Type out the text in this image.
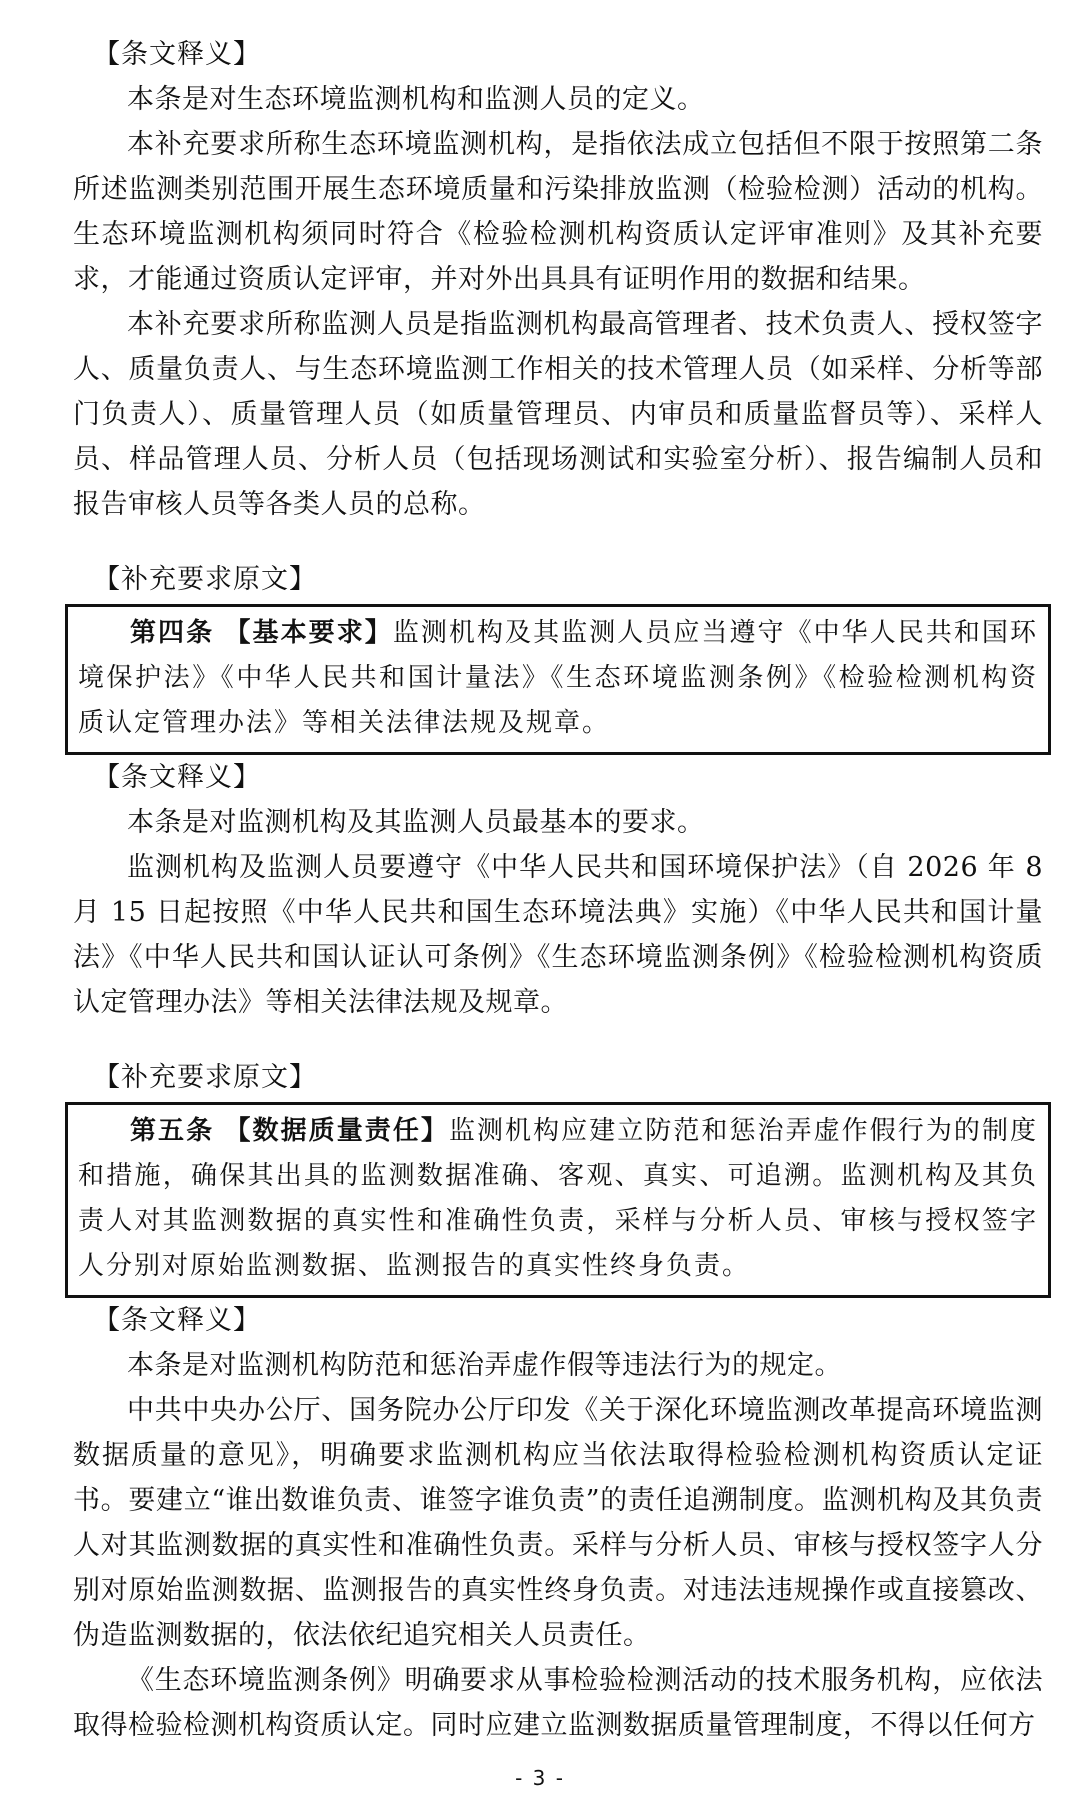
【条文释义】

本条是对生态环境监测机构和监测人员的定义。

本补充要求所称生态环境监测机构，是指依法成立包括但不限于按照第二条所述监测类别范围开展生态环境质量和污染排放监测（检验检测）活动的机构。生态环境监测机构须同时符合《检验检测机构资质认定评审准则》及其补充要求，才能通过资质认定评审，并对外出具具有证明作用的数据和结果。

本补充要求所称监测人员是指监测机构最高管理者、技术负责人、授权签字人、质量负责人、与生态环境监测工作相关的技术管理人员（如采样、分析等部门负责人）、质量管理人员（如质量管理员、内审员和质量监督员等）、采样人员、样品管理人员、分析人员（包括现场测试和实验室分析）、报告编制人员和报告审核人员等各类人员的总称。

【补充要求原文】

第四条 【基本要求】监测机构及其监测人员应当遵守《中华人民共和国环境保护法》《中华人民共和国计量法》《生态环境监测条例》《检验检测机构资质认定管理办法》等相关法律法规及规章。

【条文释义】

本条是对监测机构及其监测人员最基本的要求。

监测机构及监测人员要遵守《中华人民共和国环境保护法》（自 2026 年 8 月 15 日起按照《中华人民共和国生态环境法典》实施）《中华人民共和国计量法》《中华人民共和国认证认可条例》《生态环境监测条例》《检验检测机构资质认定管理办法》等相关法律法规及规章。

【补充要求原文】

第五条 【数据质量责任】监测机构应建立防范和惩治弄虚作假行为的制度和措施，确保其出具的监测数据准确、客观、真实、可追溯。监测机构及其负责人对其监测数据的真实性和准确性负责，采样与分析人员、审核与授权签字人分别对原始监测数据、监测报告的真实性终身负责。

【条文释义】

本条是对监测机构防范和惩治弄虚作假等违法行为的规定。

中共中央办公厅、国务院办公厅印发《关于深化环境监测改革提高环境监测数据质量的意见》，明确要求监测机构应当依法取得检验检测机构资质认定证书。要建立“谁出数谁负责、谁签字谁负责”的责任追溯制度。监测机构及其负责人对其监测数据的真实性和准确性负责。采样与分析人员、审核与授权签字人分别对原始监测数据、监测报告的真实性终身负责。对违法违规操作或直接篡改、伪造监测数据的，依法依纪追究相关人员责任。

《生态环境监测条例》明确要求从事检验检测活动的技术服务机构，应依法取得检验检测机构资质认定。同时应建立监测数据质量管理制度，不得以任何方

- 3 -
